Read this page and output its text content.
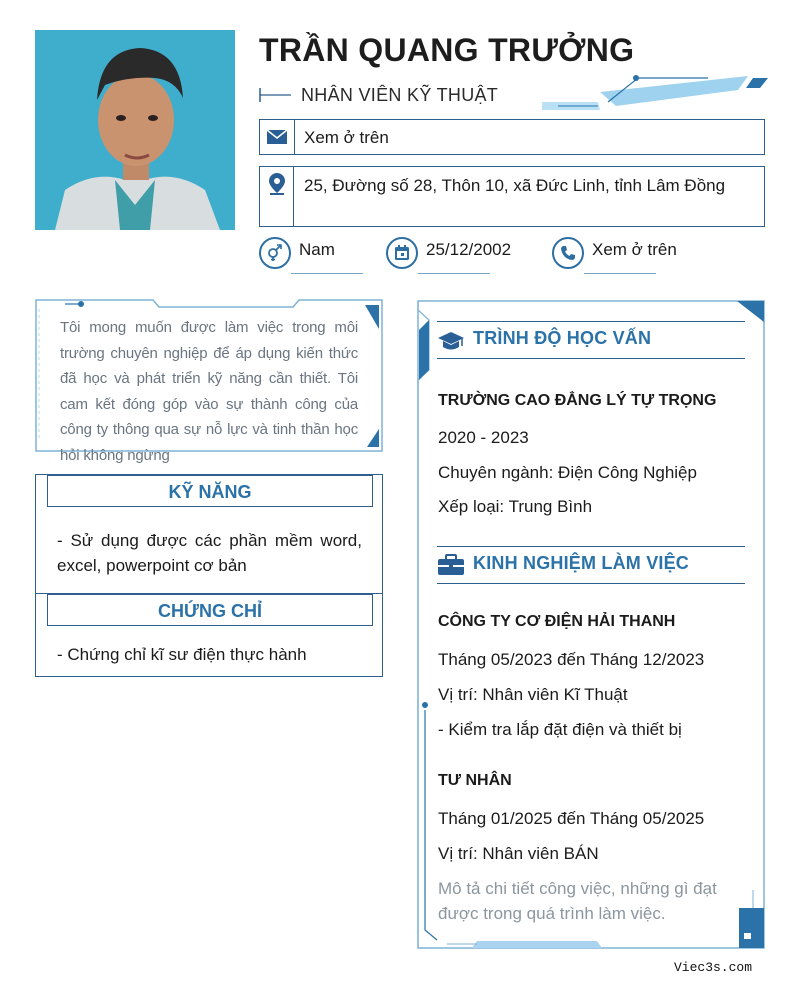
TRẦN QUANG TRƯỞNG
NHÂN VIÊN KỸ THUẬT
Xem ở trên
25, Đường số 28, Thôn 10, xã Đức Linh, tỉnh Lâm Đồng
Nam	25/12/2002	Xem ở trên
Tôi mong muốn được làm việc trong môi trường chuyên nghiệp để áp dụng kiến thức đã học và phát triển kỹ năng cần thiết. Tôi cam kết đóng góp vào sự thành công của công ty thông qua sự nỗ lực và tinh thần học hỏi không ngừng
KỸ NĂNG
- Sử dụng được các phần mềm word, excel, powerpoint cơ bản
CHỨNG CHỈ
- Chứng chỉ kĩ sư điện thực hành
TRÌNH ĐỘ HỌC VẤN
TRƯỜNG CAO ĐẲNG LÝ TỰ TRỌNG
2020 - 2023
Chuyên ngành: Điện Công Nghiệp
Xếp loại: Trung Bình
KINH NGHIỆM LÀM VIỆC
CÔNG TY CƠ ĐIỆN HẢI THANH
Tháng 05/2023 đến Tháng 12/2023
Vị trí: Nhân viên Kĩ Thuật
- Kiểm tra lắp đặt điện và thiết bị
TƯ NHÂN
Tháng 01/2025 đến Tháng 05/2025
Vị trí: Nhân viên BÁN
Mô tả chi tiết công việc, những gì đạt được trong quá trình làm việc.
Viec3s.com
